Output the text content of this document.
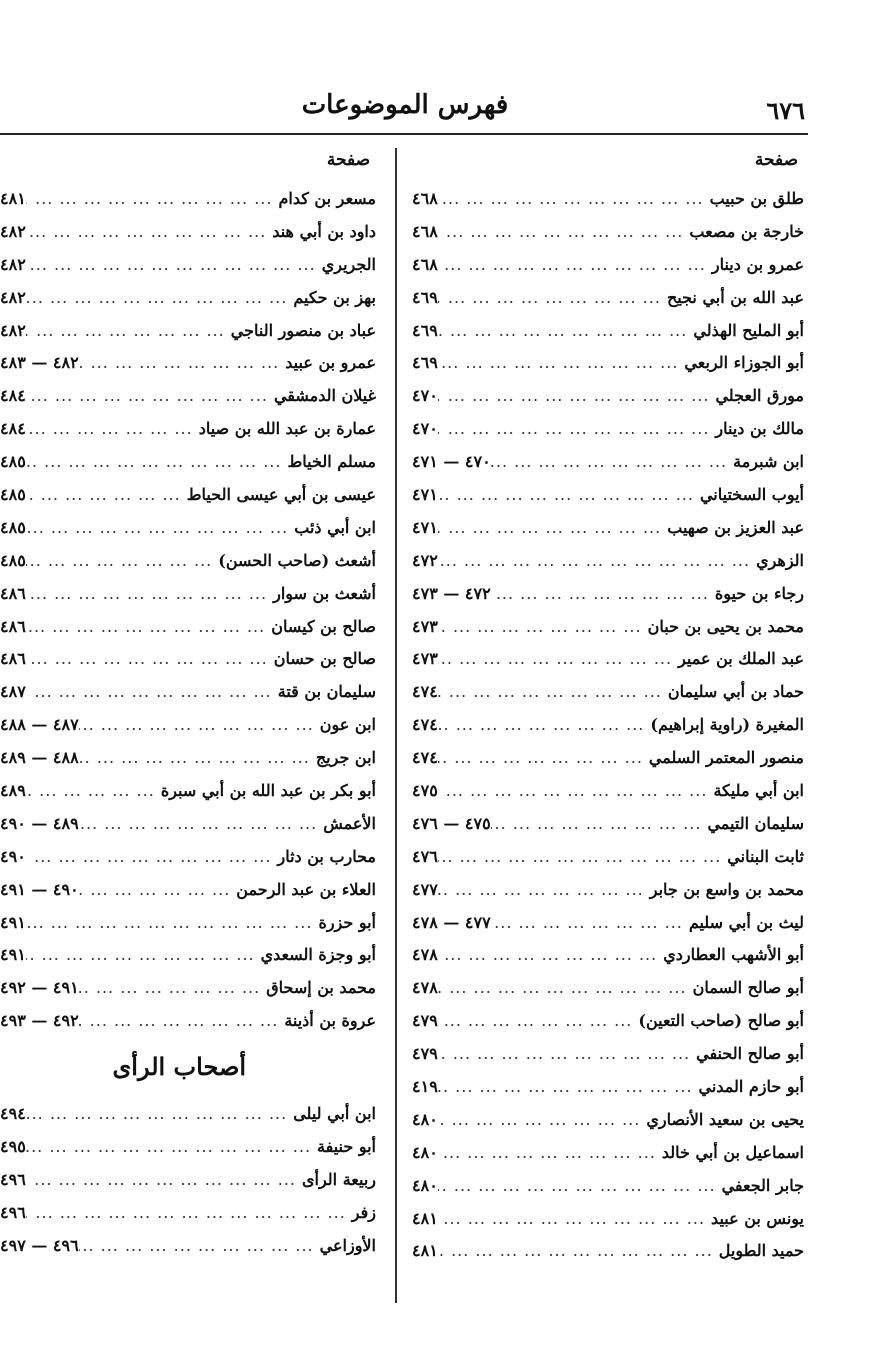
٦٧٦
فهرس الموضوعات
صفحة
طلق بن حبيب
... .
٤٦٨
خارجة بن مصعب
... .
٤٦٨
عمرو بن دينار
... .
٤٦٨
عبد الله بن أبي نجيح
... .
٤٦٩
أبو المليح الهذلي
... .
٤٦٩
أبو الجوزاء الربعي
... .
٤٦٩
مورق العجلي
... .
٤٧٠
مالك بن دينار
... .
٤٧٠
ابن شبرمة
... .
٤٧٠ — ٤٧١
أيوب السختياني
... .
٤٧١
عبد العزيز بن صهيب
... .
٤٧١
الزهري
... .
٤٧٢
رجاء بن حيوة
... .
٤٧٢ — ٤٧٣
محمد بن يحيى بن حبان
... .
٤٧٣
عبد الملك بن عمير
... .
٤٧٣
حماد بن أبي سليمان
... .
٤٧٤
المغيرة (راوية إبراهيم)
... .
٤٧٤
منصور المعتمر السلمي
... .
٤٧٤
ابن أبي مليكة
... .
٤٧٥
سليمان التيمي
... .
٤٧٥ — ٤٧٦
ثابت البناني
... .
٤٧٦
محمد بن واسع بن جابر
... .
٤٧٧
ليث بن أبي سليم
... .
٤٧٧ — ٤٧٨
أبو الأشهب العطاردي
... .
٤٧٨
أبو صالح السمان
... .
٤٧٨
أبو صالح (صاحب التعين)
... .
٤٧٩
أبو صالح الحنفي
... .
٤٧٩
أبو حازم المدني
... .
٤١٩
يحيى بن سعيد الأنصاري
... .
٤٨٠
اسماعيل بن أبي خالد
... .
٤٨٠
جابر الجعفي
... .
٤٨٠
يونس بن عبيد
... .
٤٨١
حميد الطويل
... .
٤٨١
صفحة
مسعر بن كدام
... .
٤٨١
داود بن أبي هند
... .
٤٨٢
الجريري
... .
٤٨٢
بهز بن حكيم
... .
٤٨٢
عباد بن منصور الناجي
... .
٤٨٢
عمرو بن عبيد
... .
٤٨٢ — ٤٨٣
غيلان الدمشقي
... .
٤٨٤
عمارة بن عبد الله بن صياد
... .
٤٨٤
مسلم الخياط
... .
٤٨٥
عيسى بن أبي عيسى الحياط
... .
٤٨٥
ابن أبي ذئب
... .
٤٨٥
أشعث (صاحب الحسن)
... .
٤٨٥
أشعث بن سوار
... .
٤٨٦
صالح بن كيسان
... .
٤٨٦
صالح بن حسان
... .
٤٨٦
سليمان بن قتة
... .
٤٨٧
ابن عون
... .
٤٨٧ — ٤٨٨
ابن جريج
... .
٤٨٨ — ٤٨٩
أبو بكر بن عبد الله بن أبي سبرة
... .
٤٨٩
الأعمش
... .
٤٨٩ — ٤٩٠
محارب بن دثار
... .
٤٩٠
العلاء بن عبد الرحمن
... .
٤٩٠ — ٤٩١
أبو حزرة
... .
٤٩١
أبو وجزة السعدي
... .
٤٩١
محمد بن إسحاق
... .
٤٩١ — ٤٩٢
عروة بن أذينة
... .
٤٩٢ — ٤٩٣
أصحاب الرأى
ابن أبي ليلى
... .
٤٩٤
أبو حنيفة
... .
٤٩٥
ربيعة الرأى
... .
٤٩٦
زفر
... .
٤٩٦
الأوزاعي
... .
٤٩٦ — ٤٩٧
